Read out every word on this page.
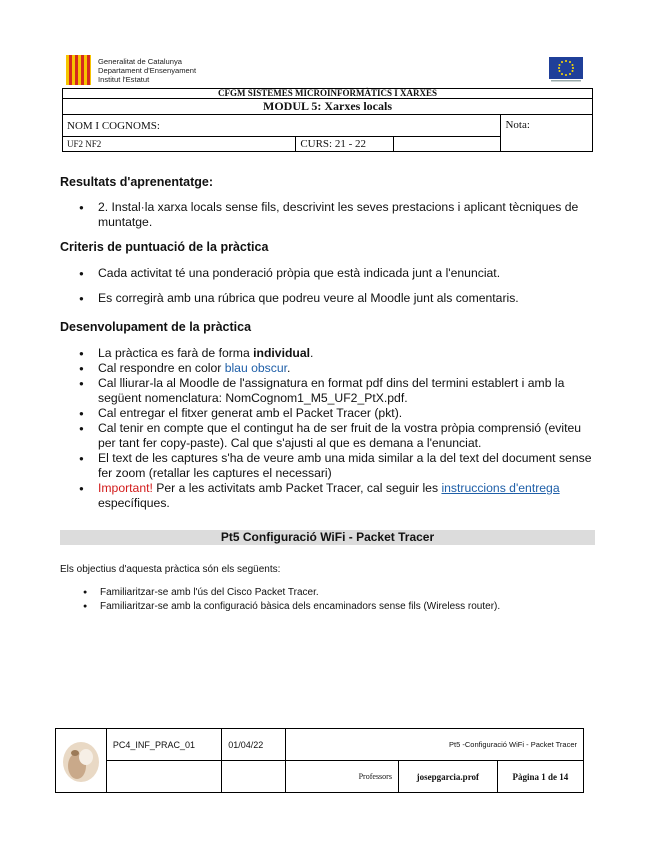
Generalitat de Catalunya
Departament d'Ensenyament
Institut l'Estatut
CFGM SISTEMES MICROINFORMÀTICS I XARXES			
MODUL 5: Xarxes locals			
NOM I COGNOMS:			Nota:
UF2 NF2	CURS: 21 - 22		
Resultats d'aprenentatge:
● 2. Instal·la xarxa locals sense fils, descrivint les seves prestacions i aplicant tècniques de muntatge.
Criteris de puntuació de la pràctica
● Cada activitat té una ponderació pròpia que està indicada junt a l'enunciat.
● Es corregirà amb una rúbrica que podreu veure al Moodle junt als comentaris.
Desenvolupament de la pràctica
● La pràctica es farà de forma individual.
● Cal respondre en color blau obscur.
● Cal lliurar-la al Moodle de l'assignatura en format pdf dins del termini establert i amb la següent nomenclatura: NomCognom1_M5_UF2_PtX.pdf.
● Cal entregar el fitxer generat amb el Packet Tracer (pkt).
● Cal tenir en compte que el contingut ha de ser fruit de la vostra pròpia comprensió (eviteu per tant fer copy-paste). Cal que s'ajusti al que es demana a l'enunciat.
● El text de les captures s'ha de veure amb una mida similar a la del text del document sense fer zoom (retallar les captures el necessari)
● Important! Per a les activitats amb Packet Tracer, cal seguir les instruccions d'entrega específiques.
Pt5 Configuració WiFi - Packet Tracer
Els objectius d'aquesta pràctica són els següents:
● Familiaritzar-se amb l'ús del Cisco Packet Tracer.
● Familiaritzar-se amb la configuració bàsica dels encaminadors sense fils (Wireless router).
	PC4_INF_PRAC_01	01/04/22	Pt5 -Configuració WiFi - Packet Tracer		
			Professors	josepgarcia.prof	Pàgina 1 de 14
